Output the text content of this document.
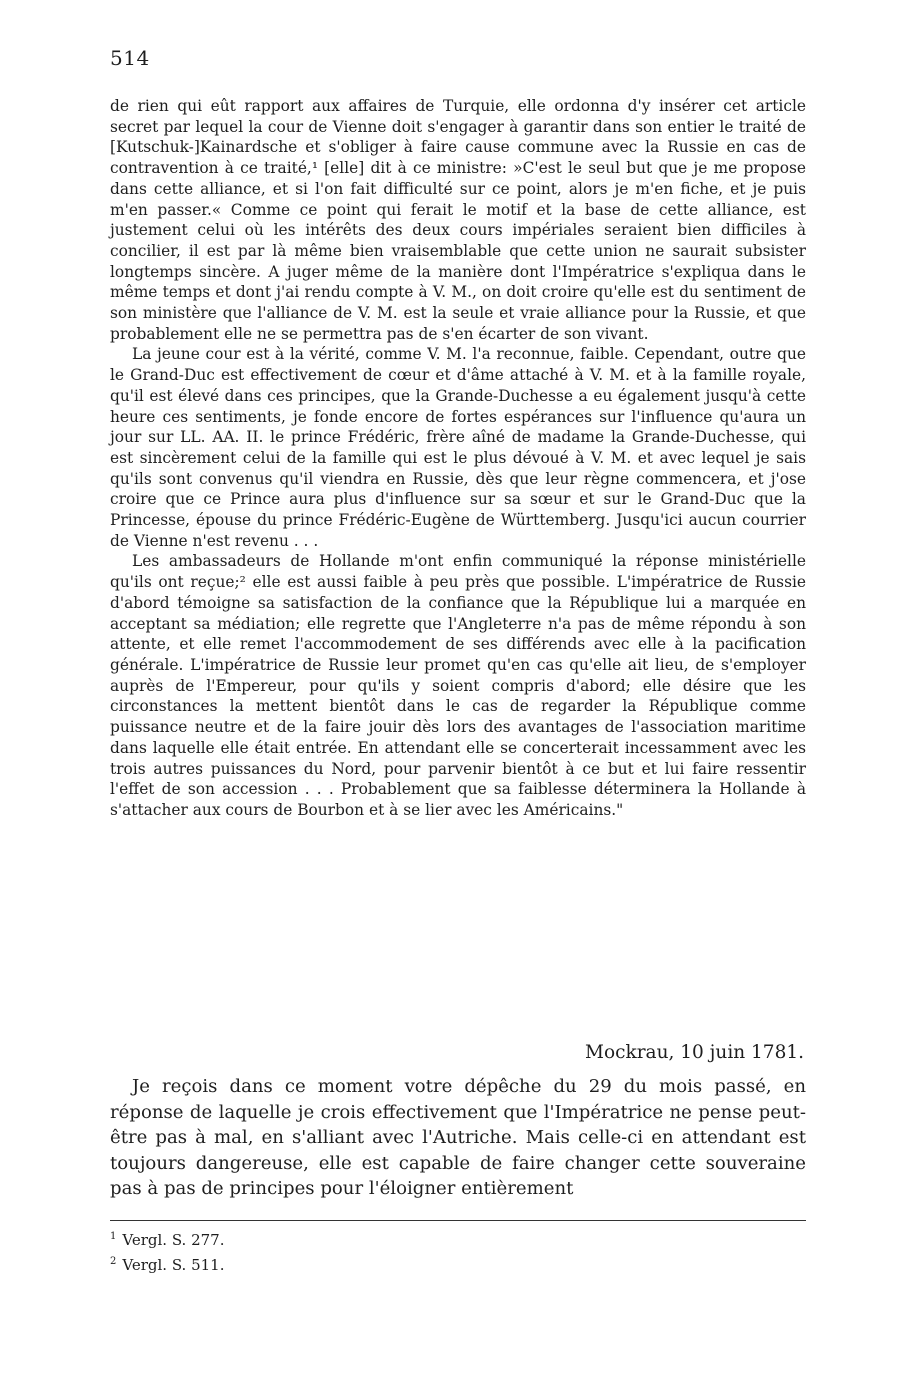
514

de rien qui eût rapport aux affaires de Turquie, elle ordonna d'y insérer cet article secret par lequel la cour de Vienne doit s'engager à garantir dans son entier le traité de [Kutschuk-]Kainardsche et s'obliger à faire cause commune avec la Russie en cas de contravention à ce traité,¹ [elle] dit à ce ministre: »C'est le seul but que je me propose dans cette alliance, et si l'on fait difficulté sur ce point, alors je m'en fiche, et je puis m'en passer.« Comme ce point qui ferait le motif et la base de cette alliance, est justement celui où les intérêts des deux cours impériales seraient bien difficiles à concilier, il est par là même bien vraisemblable que cette union ne saurait subsister longtemps sincère. A juger même de la manière dont l'Impératrice s'expliqua dans le même temps et dont j'ai rendu compte à V. M., on doit croire qu'elle est du sentiment de son ministère que l'alliance de V. M. est la seule et vraie alliance pour la Russie, et que probablement elle ne se permettra pas de s'en écarter de son vivant.

La jeune cour est à la vérité, comme V. M. l'a reconnue, faible. Cependant, outre que le Grand-Duc est effectivement de cœur et d'âme attaché à V. M. et à la famille royale, qu'il est élevé dans ces principes, que la Grande-Duchesse a eu également jusqu'à cette heure ces sentiments, je fonde encore de fortes espérances sur l'influence qu'aura un jour sur LL. AA. II. le prince Frédéric, frère aîné de madame la Grande-Duchesse, qui est sincèrement celui de la famille qui est le plus dévoué à V. M. et avec lequel je sais qu'ils sont convenus qu'il viendra en Russie, dès que leur règne commencera, et j'ose croire que ce Prince aura plus d'influence sur sa sœur et sur le Grand-Duc que la Princesse, épouse du prince Frédéric-Eugène de Württemberg. Jusqu'ici aucun courrier de Vienne n'est revenu . . .

Les ambassadeurs de Hollande m'ont enfin communiqué la réponse ministérielle qu'ils ont reçue;² elle est aussi faible à peu près que possible. L'impératrice de Russie d'abord témoigne sa satisfaction de la confiance que la République lui a marquée en acceptant sa médiation; elle regrette que l'Angleterre n'a pas de même répondu à son attente, et elle remet l'accommodement de ses différends avec elle à la pacification générale. L'impératrice de Russie leur promet qu'en cas qu'elle ait lieu, de s'employer auprès de l'Empereur, pour qu'ils y soient compris d'abord; elle désire que les circonstances la mettent bientôt dans le cas de regarder la République comme puissance neutre et de la faire jouir dès lors des avantages de l'association maritime dans laquelle elle était entrée. En attendant elle se concerterait incessamment avec les trois autres puissances du Nord, pour parvenir bientôt à ce but et lui faire ressentir l'effet de son accession . . . Probablement que sa faiblesse déterminera la Hollande à s'attacher aux cours de Bourbon et à se lier avec les Américains."

Mockrau, 10 juin 1781.

Je reçois dans ce moment votre dépêche du 29 du mois passé, en réponse de laquelle je crois effectivement que l'Impératrice ne pense peut-être pas à mal, en s'alliant avec l'Autriche. Mais celle-ci en attendant est toujours dangereuse, elle est capable de faire changer cette souveraine pas à pas de principes pour l'éloigner entièrement

$^1$ Vergl. S. 277.
$^2$ Vergl. S. 511.
